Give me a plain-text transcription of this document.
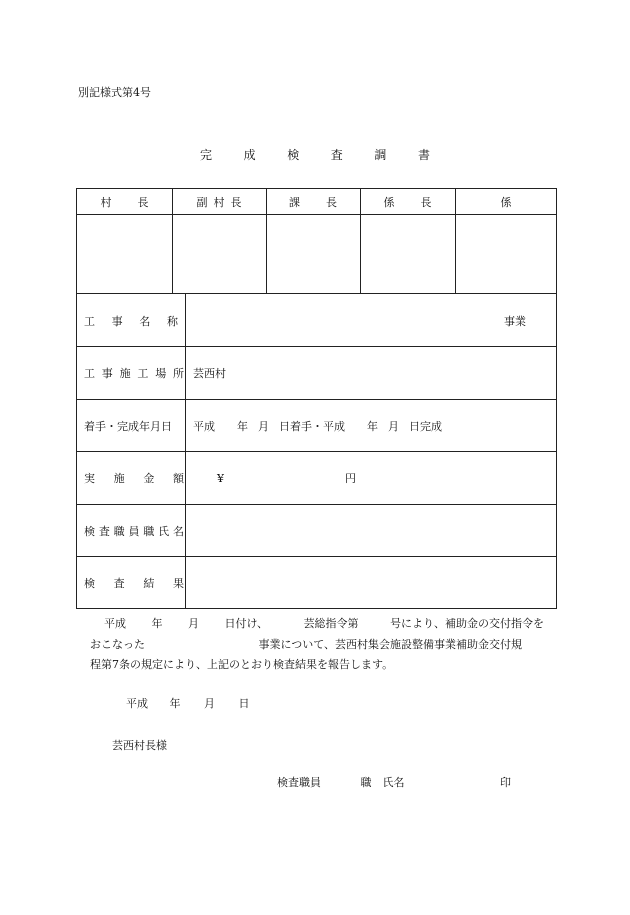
別記様式第4号
完	成	検	査	調	書
村 長	副 村 長	課 長	係 長	係
工 事 名 称	事業
工 事 施 工 場 所 芸西村
着手・完成年月日	平成 年 月 日着手・平成 年 月 日完成
実 施 金 額	¥	円
検 査 職 員 職 氏 名
検 査 結 果
平成 年 月 日付け、	芸総指令第	号により、補助金の交付指令を
おこなった	事業について、芸西村集会施設整備事業補助金交付規
程第7条の規定により、上記のとおり検査結果を報告します。
平成 年 月 日
芸西村長様
検査職員	職　氏名	印
